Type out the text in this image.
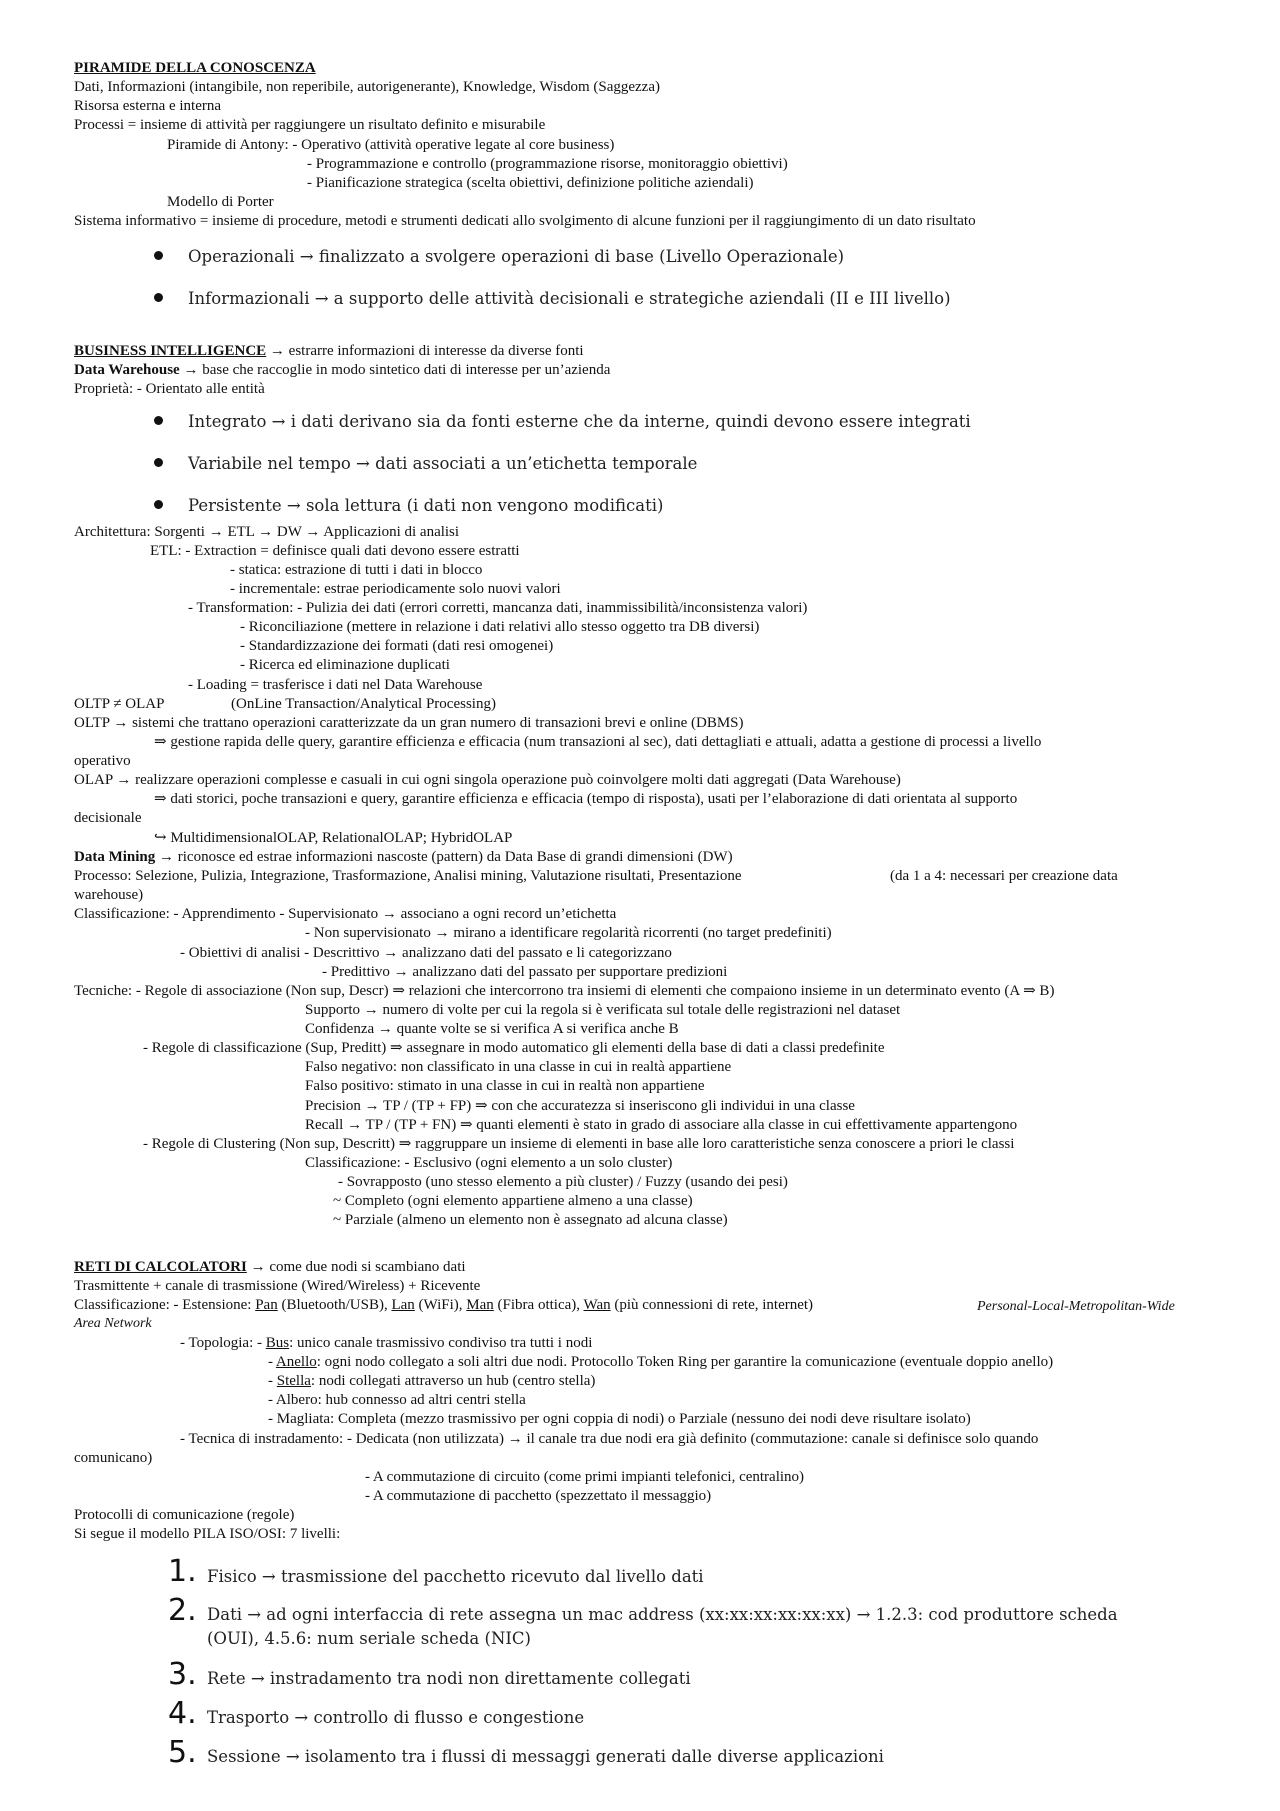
PIRAMIDE DELLA CONOSCENZA
Dati, Informazioni (intangibile, non reperibile, autorigenerante), Knowledge, Wisdom (Saggezza)
Risorsa esterna e interna
Processi = insieme di attività per raggiungere un risultato definito e misurabile
Piramide di Antony: - Operativo (attività operative legate al core business)
- Programmazione e controllo (programmazione risorse, monitoraggio obiettivi)
- Pianificazione strategica (scelta obiettivi, definizione politiche aziendali)
Modello di Porter
Sistema informativo = insieme di procedure, metodi e strumenti dedicati allo svolgimento di alcune funzioni per il raggiungimento di un dato risultato
Operazionali → finalizzato a svolgere operazioni di base (Livello Operazionale)
Informazionali → a supporto delle attività decisionali e strategiche aziendali (II e III livello)
BUSINESS INTELLIGENCE → estrarre informazioni di interesse da diverse fonti
Data Warehouse → base che raccoglie in modo sintetico dati di interesse per un’azienda
Proprietà: - Orientato alle entità
Integrato → i dati derivano sia da fonti esterne che da interne, quindi devono essere integrati
Variabile nel tempo → dati associati a un’etichetta temporale
Persistente → sola lettura (i dati non vengono modificati)
Architettura: Sorgenti → ETL → DW → Applicazioni di analisi
ETL: - Extraction = definisce quali dati devono essere estratti
- statica: estrazione di tutti i dati in blocco
- incrementale: estrae periodicamente solo nuovi valori
- Transformation: - Pulizia dei dati (errori corretti, mancanza dati, inammissibilità/inconsistenza valori)
- Riconciliazione (mettere in relazione i dati relativi allo stesso oggetto tra DB diversi)
- Standardizzazione dei formati (dati resi omogenei)
- Ricerca ed eliminazione duplicati
- Loading = trasferisce i dati nel Data Warehouse
OLTP ≠ OLAP	(OnLine Transaction/Analytical Processing)
OLTP → sistemi che trattano operazioni caratterizzate da un gran numero di transazioni brevi e online (DBMS)
⇒ gestione rapida delle query, garantire efficienza e efficacia (num transazioni al sec), dati dettagliati e attuali, adatta a gestione di processi a livello
operativo
OLAP → realizzare operazioni complesse e casuali in cui ogni singola operazione può coinvolgere molti dati aggregati (Data Warehouse)
⇒ dati storici, poche transazioni e query, garantire efficienza e efficacia (tempo di risposta), usati per l’elaborazione di dati orientata al supporto
decisionale
↪ MultidimensionalOLAP, RelationalOLAP; HybridOLAP
Data Mining → riconosce ed estrae informazioni nascoste (pattern) da Data Base di grandi dimensioni (DW)
Processo: Selezione, Pulizia, Integrazione, Trasformazione, Analisi mining, Valutazione risultati, Presentazione	(da 1 a 4: necessari per creazione data
warehouse)
Classificazione: - Apprendimento - Supervisionato → associano a ogni record un’etichetta
- Non supervisionato → mirano a identificare regolarità ricorrenti (no target predefiniti)
- Obiettivi di analisi - Descrittivo → analizzano dati del passato e li categorizzano
- Predittivo → analizzano dati del passato per supportare predizioni
Tecniche: - Regole di associazione (Non sup, Descr) ⇒ relazioni che intercorrono tra insiemi di elementi che compaiono insieme in un determinato evento (A ⇒ B)
Supporto → numero di volte per cui la regola si è verificata sul totale delle registrazioni nel dataset
Confidenza → quante volte se si verifica A si verifica anche B
- Regole di classificazione (Sup, Preditt) ⇒ assegnare in modo automatico gli elementi della base di dati a classi predefinite
Falso negativo: non classificato in una classe in cui in realtà appartiene
Falso positivo: stimato in una classe in cui in realtà non appartiene
Precision → TP / (TP + FP) ⇒ con che accuratezza si inseriscono gli individui in una classe
Recall → TP / (TP + FN) ⇒ quanti elementi è stato in grado di associare alla classe in cui effettivamente appartengono
- Regole di Clustering (Non sup, Descritt) ⇒ raggruppare un insieme di elementi in base alle loro caratteristiche senza conoscere a priori le classi
Classificazione: - Esclusivo (ogni elemento a un solo cluster)
- Sovrapposto (uno stesso elemento a più cluster) / Fuzzy (usando dei pesi)
~ Completo (ogni elemento appartiene almeno a una classe)
~ Parziale (almeno un elemento non è assegnato ad alcuna classe)
RETI DI CALCOLATORI → come due nodi si scambiano dati
Trasmittente + canale di trasmissione (Wired/Wireless) + Ricevente
Classificazione: - Estensione: Pan (Bluetooth/USB), Lan (WiFi), Man (Fibra ottica), Wan (più connessioni di rete, internet)	Personal-Local-Metropolitan-Wide
Area Network
- Topologia: - Bus: unico canale trasmissivo condiviso tra tutti i nodi
- Anello: ogni nodo collegato a soli altri due nodi. Protocollo Token Ring per garantire la comunicazione (eventuale doppio anello)
- Stella: nodi collegati attraverso un hub (centro stella)
- Albero: hub connesso ad altri centri stella
- Magliata: Completa (mezzo trasmissivo per ogni coppia di nodi) o Parziale (nessuno dei nodi deve risultare isolato)
- Tecnica di instradamento: - Dedicata (non utilizzata) → il canale tra due nodi era già definito (commutazione: canale si definisce solo quando
comunicano)
- A commutazione di circuito (come primi impianti telefonici, centralino)
- A commutazione di pacchetto (spezzettato il messaggio)
Protocolli di comunicazione (regole)
Si segue il modello PILA ISO/OSI: 7 livelli:
1. Fisico → trasmissione del pacchetto ricevuto dal livello dati
2. Dati → ad ogni interfaccia di rete assegna un mac address (xx:xx:xx:xx:xx:xx) → 1.2.3: cod produttore scheda
(OUI), 4.5.6: num seriale scheda (NIC)
3. Rete → instradamento tra nodi non direttamente collegati
4. Trasporto → controllo di flusso e congestione
5. Sessione → isolamento tra i flussi di messaggi generati dalle diverse applicazioni
